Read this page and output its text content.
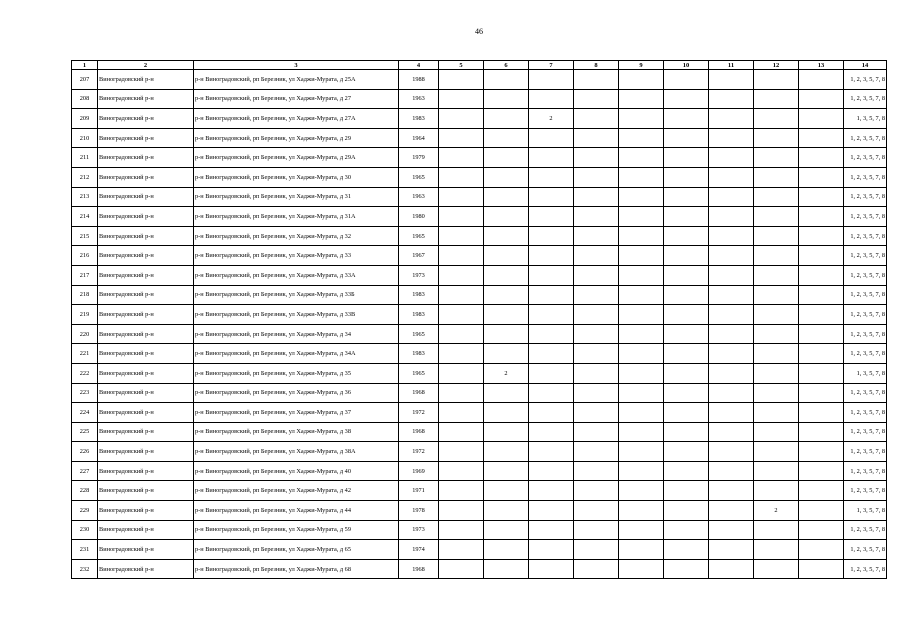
46
1	2	3	4	5	6	7	8	9	10	11	12	13	14
207	Виноградовский р-н	р-н Виноградовский, рп Березник, ул Хаджи-Мурата, д 25А	1988										1, 2, 3, 5, 7, 8
208	Виноградовский р-н	р-н Виноградовский, рп Березник, ул Хаджи-Мурата, д 27	1963										1, 2, 3, 5, 7, 8
209	Виноградовский р-н	р-н Виноградовский, рп Березник, ул Хаджи-Мурата, д 27А	1983			2							1, 3, 5, 7, 8
210	Виноградовский р-н	р-н Виноградовский, рп Березник, ул Хаджи-Мурата, д 29	1964										1, 2, 3, 5, 7, 8
211	Виноградовский р-н	р-н Виноградовский, рп Березник, ул Хаджи-Мурата, д 29А	1979										1, 2, 3, 5, 7, 8
212	Виноградовский р-н	р-н Виноградовский, рп Березник, ул Хаджи-Мурата, д 30	1965										1, 2, 3, 5, 7, 8
213	Виноградовский р-н	р-н Виноградовский, рп Березник, ул Хаджи-Мурата, д 31	1963										1, 2, 3, 5, 7, 8
214	Виноградовский р-н	р-н Виноградовский, рп Березник, ул Хаджи-Мурата, д 31А	1980										1, 2, 3, 5, 7, 8
215	Виноградовский р-н	р-н Виноградовский, рп Березник, ул Хаджи-Мурата, д 32	1965										1, 2, 3, 5, 7, 8
216	Виноградовский р-н	р-н Виноградовский, рп Березник, ул Хаджи-Мурата, д 33	1967										1, 2, 3, 5, 7, 8
217	Виноградовский р-н	р-н Виноградовский, рп Березник, ул Хаджи-Мурата, д 33А	1973										1, 2, 3, 5, 7, 8
218	Виноградовский р-н	р-н Виноградовский, рп Березник, ул Хаджи-Мурата, д 33Б	1983										1, 2, 3, 5, 7, 8
219	Виноградовский р-н	р-н Виноградовский, рп Березник, ул Хаджи-Мурата, д 33В	1983										1, 2, 3, 5, 7, 8
220	Виноградовский р-н	р-н Виноградовский, рп Березник, ул Хаджи-Мурата, д 34	1965										1, 2, 3, 5, 7, 8
221	Виноградовский р-н	р-н Виноградовский, рп Березник, ул Хаджи-Мурата, д 34А	1983										1, 2, 3, 5, 7, 8
222	Виноградовский р-н	р-н Виноградовский, рп Березник, ул Хаджи-Мурата, д 35	1965		2								1, 3, 5, 7, 8
223	Виноградовский р-н	р-н Виноградовский, рп Березник, ул Хаджи-Мурата, д 36	1968										1, 2, 3, 5, 7, 8
224	Виноградовский р-н	р-н Виноградовский, рп Березник, ул Хаджи-Мурата, д 37	1972										1, 2, 3, 5, 7, 8
225	Виноградовский р-н	р-н Виноградовский, рп Березник, ул Хаджи-Мурата, д 38	1968										1, 2, 3, 5, 7, 8
226	Виноградовский р-н	р-н Виноградовский, рп Березник, ул Хаджи-Мурата, д 38А	1972										1, 2, 3, 5, 7, 8
227	Виноградовский р-н	р-н Виноградовский, рп Березник, ул Хаджи-Мурата, д 40	1969										1, 2, 3, 5, 7, 8
228	Виноградовский р-н	р-н Виноградовский, рп Березник, ул Хаджи-Мурата, д 42	1971										1, 2, 3, 5, 7, 8
229	Виноградовский р-н	р-н Виноградовский, рп Березник, ул Хаджи-Мурата, д 44	1978								2		1, 3, 5, 7, 8
230	Виноградовский р-н	р-н Виноградовский, рп Березник, ул Хаджи-Мурата, д 59	1973										1, 2, 3, 5, 7, 8
231	Виноградовский р-н	р-н Виноградовский, рп Березник, ул Хаджи-Мурата, д 65	1974										1, 2, 3, 5, 7, 8
232	Виноградовский р-н	р-н Виноградовский, рп Березник, ул Хаджи-Мурата, д 68	1968										1, 2, 3, 5, 7, 8
